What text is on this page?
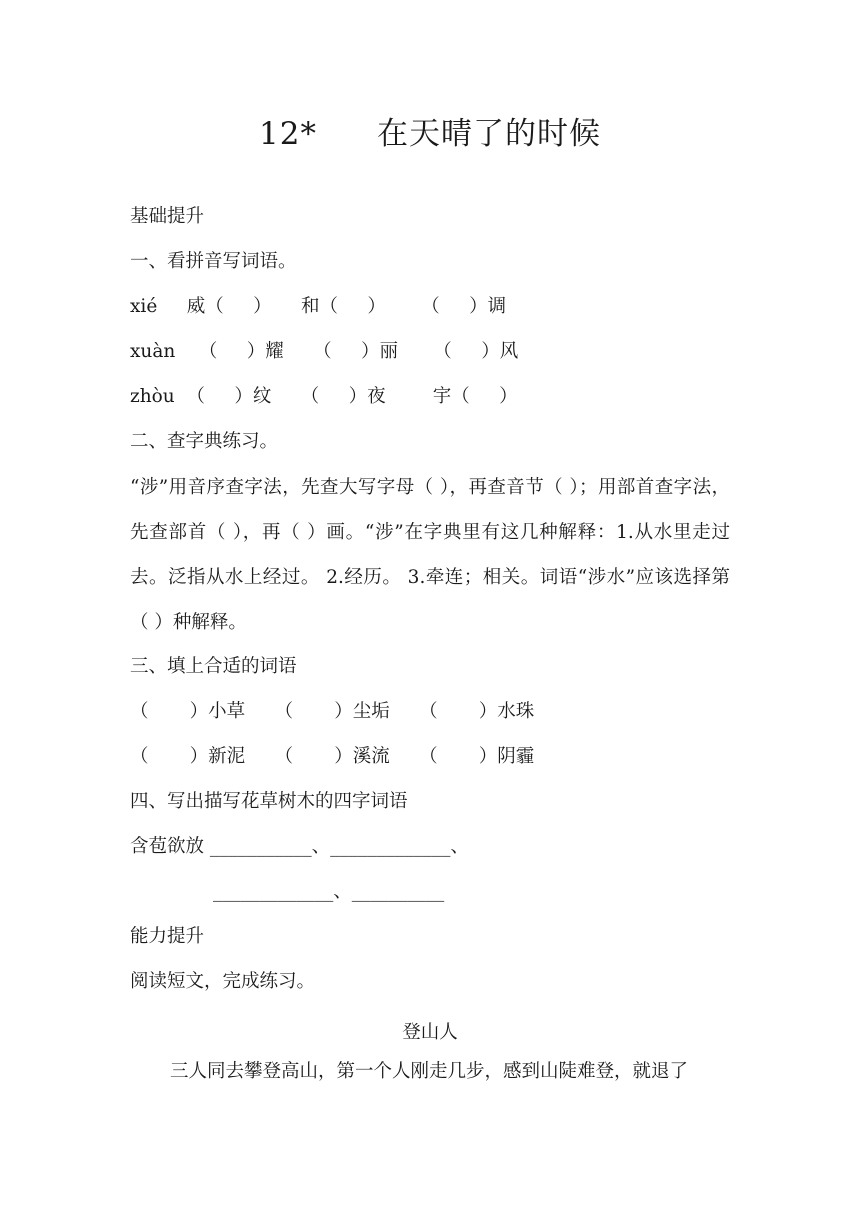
12* 在天晴了的时候
基础提升
一、看拼音写词语。
xié     威（     ）     和（     ）      （     ）调
xuàn    （     ）耀     （     ）丽      （     ）风
zhòu  （     ）纹     （     ）夜        宇（     ）
二、查字典练习。
“涉”用音序查字法，先查大写字母（ ），再查音节（ ）；用部首查字法，先查部首（ ），再（ ）画。“涉”在字典里有这几种解释：1.从水里走过去。泛指从水上经过。 2.经历。 3.牵连；相关。词语“涉水”应该选择第（ ）种解释。
三、填上合适的词语
（       ）小草     （       ）尘垢     （       ）水珠
（       ）新泥     （       ）溪流     （       ）阴霾
四、写出描写花草树木的四字词语
含苞欲放 ___________、_____________、
_____________、__________
能力提升
阅读短文，完成练习。
登山人
三人同去攀登高山，第一个人刚走几步，感到山陡难登，就退了
